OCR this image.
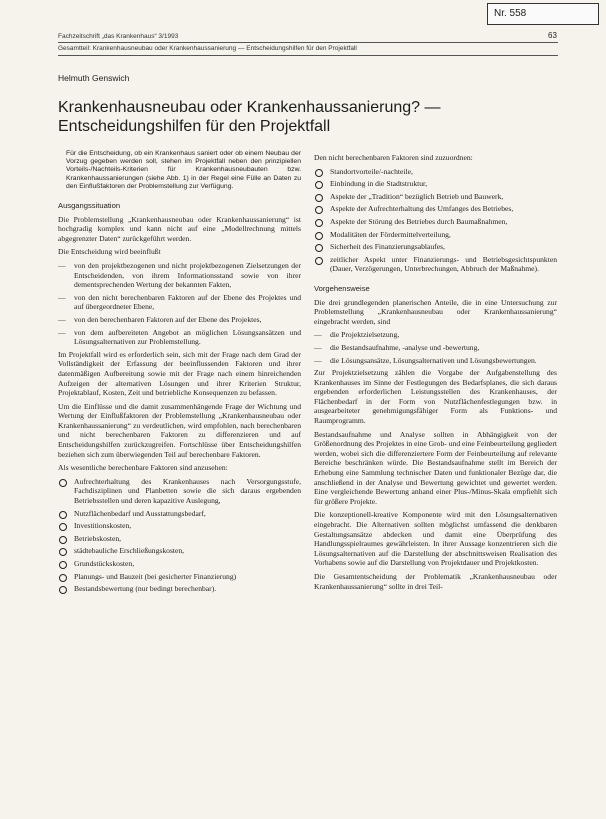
Nr. 558
Fachzeitschrift „das Krankenhaus“ 3/1993	63
Gesamtteil: Krankenhausneubau oder Krankenhaussanierung — Entscheidungshilfen für den Projektfall
Helmuth Genswich
Krankenhausneubau oder Krankenhaussanierung? — Entscheidungshilfen für den Projektfall

Für die Entscheidung, ob ein Krankenhaus saniert oder ob einem Neubau der Vorzug gegeben werden soll, stehen im Projektfall neben den prinzipiellen Vorteils-/Nachteils-Kriterien für Krankenhausneubauten bzw. Krankenhaussanierungen (siehe Abb. 1) in der Regel eine Fülle an Daten zu den Einflußfaktoren der Problemstellung zur Verfügung.

Ausgangssituation

Die Problemstellung „Krankenhausneubau oder Krankenhaussanierung“ ist hochgradig komplex und kann nicht auf eine „Modellrechnung mittels abgegrenzter Daten“ zurückgeführt werden.

Die Entscheidung wird beeinflußt
— von den projektbezogenen und nicht projektbezogenen Zielsetzungen der Entscheidenden, von ihrem Informationsstand sowie von ihrer dementsprechenden Wertung der bekannten Fakten,
— von den nicht berechenbaren Faktoren auf der Ebene des Projektes und auf übergeordneter Ebene,
— von den berechenbaren Faktoren auf der Ebene des Projektes,
— von dem aufbereiteten Angebot an möglichen Lösungsansätzen und Lösungsalternativen zur Problemstellung.

Im Projektfall wird es erforderlich sein, sich mit der Frage nach dem Grad der Vollständigkeit der Erfassung der beeinflussenden Faktoren und ihrer datenmäßigen Aufbereitung sowie mit der Frage nach einem hinreichenden Aufzeigen der alternativen Lösungen und ihrer Kriterien Struktur, Projektablauf, Kosten, Zeit und betriebliche Konsequenzen zu befassen.

Um die Einflüsse und die damit zusammenhängende Frage der Wichtung und Wertung der Einflußfaktoren der Problemstellung „Krankenhausneubau oder Krankenhaussanierung“ zu verdeutlichen, wird empfohlen, nach berechenbaren und nicht berechenbaren Faktoren zu differenzieren und auf Entscheidungshilfen zurückzugreifen. Fortschlüsse über Entscheidungshilfen beziehen sich zum überwiegenden Teil auf berechenbare Faktoren.

Als wesentliche berechenbare Faktoren sind anzusehen:
Aufrechterhaltung des Krankenhauses nach Versorgungsstufe, Fachdisziplinen und Planbetten sowie die sich daraus ergebenden Betriebsstellen und deren kapazitive Auslegung,
Nutzflächenbedarf und Ausstattungsbedarf,
Investitionskosten,
Betriebskosten,
städtebauliche Erschließungskosten,
Grundstückskosten,
Planungs- und Bauzeit (bei gesicherter Finanzierung)
Bestandsbewertung (nur bedingt berechenbar).
Den nicht berechenbaren Faktoren sind zuzuordnen:
Standortvorteile/-nachteile,
Einbindung in die Stadtstruktur,
Aspekte der „Tradition“ bezüglich Betrieb und Bauwerk,
Aspekte der Aufrechterhaltung des Umfanges des Betriebes,
Aspekte der Störung des Betriebes durch Baumaßnahmen,
Modalitäten der Fördermittelverteilung,
Sicherheit des Finanzierungsablaufes,
zeitlicher Aspekt unter Finanzierungs- und Betriebsgesichtspunkten (Dauer, Verzögerungen, Unterbrechungen, Abbruch der Maßnahme).
Vorgehensweise

Die drei grundlegenden planerischen Anteile, die in eine Untersuchung zur Problemstellung „Krankenhausneubau oder Krankenhaussanierung“ eingebracht werden, sind

— die Projektzielsetzung,
— die Bestandsaufnahme, -analyse und -bewertung,
— die Lösungsansätze, Lösungsalternativen und Lösungsbewertungen.

Zur Projektzielsetzung zählen die Vorgabe der Aufgabenstellung des Krankenhauses im Sinne der Festlegungen des Bedarfsplanes, die sich daraus ergebenden erforderlichen Leistungsstellen des Krankenhauses, der Flächenbedarf in der Form von Nutzflächenfestlegungen bzw. in ausgearbeiteter genehmigungsfähiger Form als Funktions- und Raumprogramm.

Bestandsaufnahme und Analyse sollten in Abhängigkeit von der Größenordnung des Projektes in eine Grob- und eine Feinbeurteilung gegliedert werden, wobei sich die differenziertere Form der Feinbeurteilung auf relevante Bereiche beschränken würde. Die Bestandsaufnahme stellt im Bereich der Erhebung eine Sammlung technischer Daten und funktionaler Bezüge dar, die anschließend in der Analyse und Bewertung gewichtet und gewertet werden. Eine vergleichende Bewertung anhand einer Plus-/Minus-Skala empfiehlt sich für größere Projekte.

Die konzeptionell-kreative Komponente wird mit den Lösungsalternativen eingebracht. Die Alternativen sollten möglichst umfassend die denkbaren Gestaltungsansätze abdecken und damit eine Überprüfung des Handlungsspielraumes gewährleisten. In ihrer Aussage konzentrieren sich die Lösungsalternativen auf die Darstellung der abschnittsweisen Realisation des Vorhabens sowie auf die Darstellung von Projektdauer und Projektkosten.

Die Gesamtentscheidung der Problematik „Krankenhausneubau oder Krankenhaussanierung“ sollte in drei Teil-
